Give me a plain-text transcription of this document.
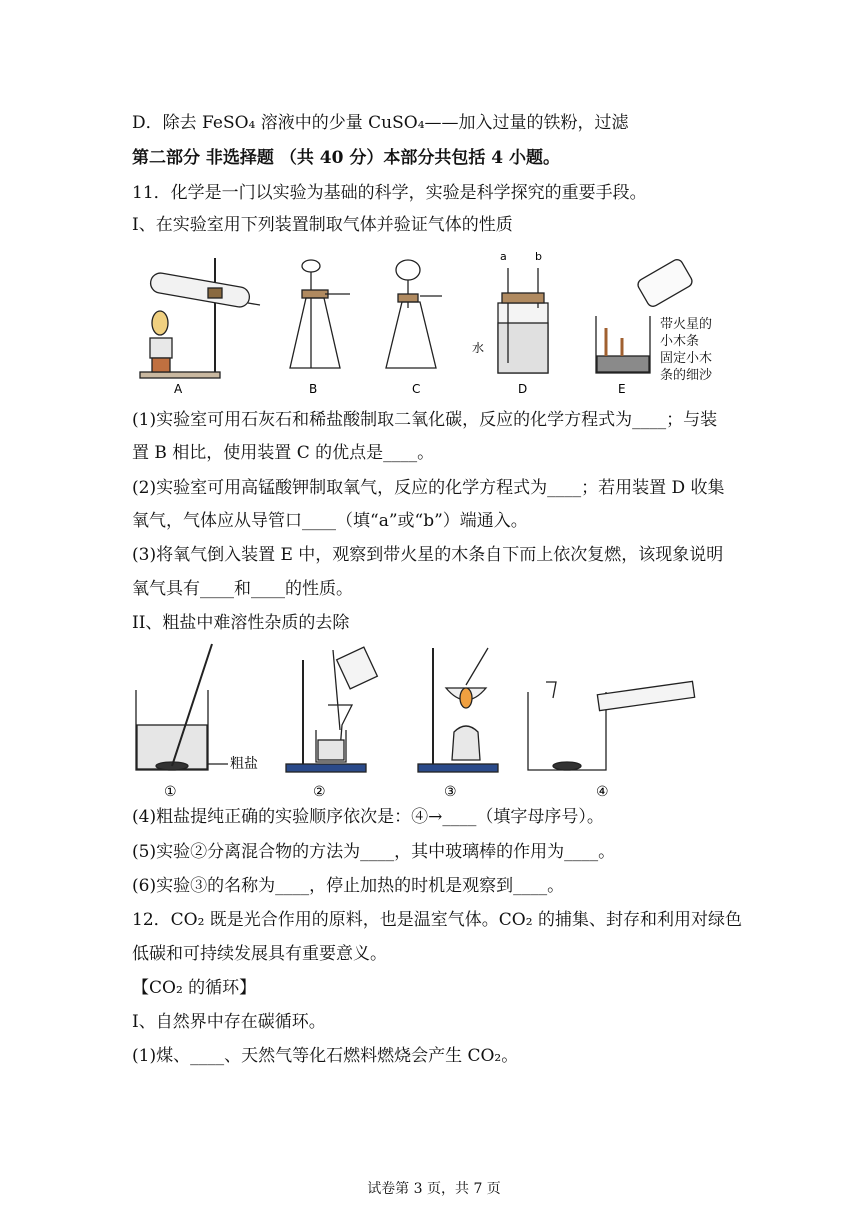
D．除去 FeSO₄ 溶液中的少量 CuSO₄——加入过量的铁粉，过滤
第二部分 非选择题 （共 40 分）本部分共包括 4 小题。
11．化学是一门以实验为基础的科学，实验是科学探究的重要手段。
I、在实验室用下列装置制取气体并验证气体的性质
a	b
水
A	B	C	D	E
带火星的
小木条
固定小木
条的细沙
(1)实验室可用石灰石和稀盐酸制取二氧化碳，反应的化学方程式为____；与装
置 B 相比，使用装置 C 的优点是____。
(2)实验室可用高锰酸钾制取氧气，反应的化学方程式为____；若用装置 D 收集
氧气，气体应从导管口____（填“a”或“b”）端通入。
(3)将氧气倒入装置 E 中，观察到带火星的木条自下而上依次复燃，该现象说明
氧气具有____和____的性质。
II、粗盐中难溶性杂质的去除
①	②	③	④
粗盐
(4)粗盐提纯正确的实验顺序依次是：④→____（填字母序号）。
(5)实验②分离混合物的方法为____，其中玻璃棒的作用为____。
(6)实验③的名称为____，停止加热的时机是观察到____。
12．CO₂ 既是光合作用的原料，也是温室气体。CO₂ 的捕集、封存和利用对绿色
低碳和可持续发展具有重要意义。
【CO₂ 的循环】
I、自然界中存在碳循环。
(1)煤、____、天然气等化石燃料燃烧会产生 CO₂。
试卷第 3 页，共 7 页
